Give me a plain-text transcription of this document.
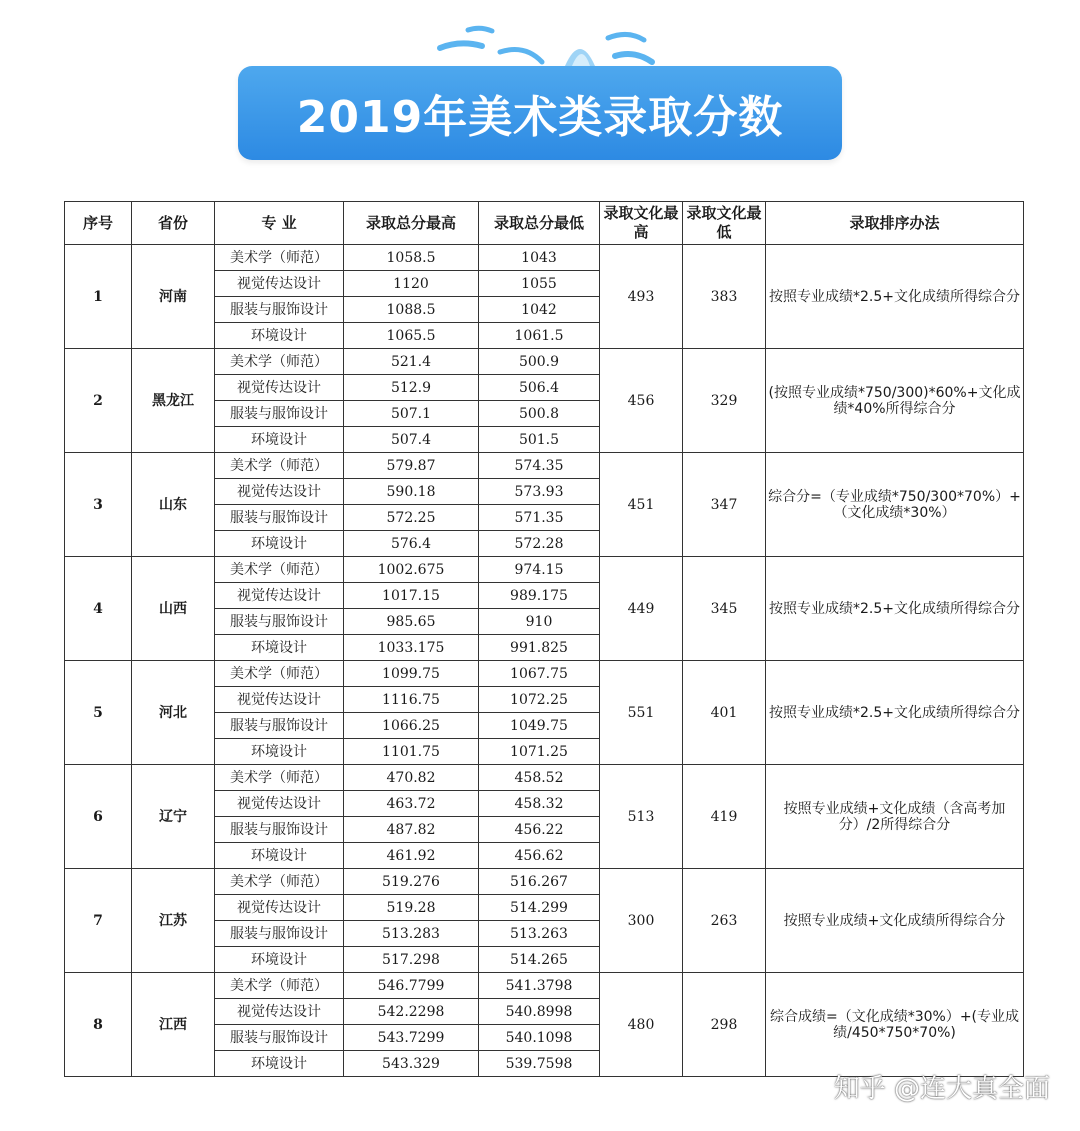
2019年美术类录取分数
序号	省份	专 业	录取总分最高	录取总分最低	录取文化最高	录取文化最低	录取排序办法
1	河南	美术学（师范）	1058.5	1043	493	383	按照专业成绩*2.5+文化成绩所得综合分
		视觉传达设计	1120	1055			
		服装与服饰设计	1088.5	1042			
		环境设计	1065.5	1061.5			
2	黑龙江	美术学（师范）	521.4	500.9	456	329	(按照专业成绩*750/300)*60%+文化成绩*40%所得综合分
		视觉传达设计	512.9	506.4			
		服装与服饰设计	507.1	500.8			
		环境设计	507.4	501.5			
3	山东	美术学（师范）	579.87	574.35	451	347	综合分=（专业成绩*750/300*70%）+（文化成绩*30%）
		视觉传达设计	590.18	573.93			
		服装与服饰设计	572.25	571.35			
		环境设计	576.4	572.28			
4	山西	美术学（师范）	1002.675	974.15	449	345	按照专业成绩*2.5+文化成绩所得综合分
		视觉传达设计	1017.15	989.175			
		服装与服饰设计	985.65	910			
		环境设计	1033.175	991.825			
5	河北	美术学（师范）	1099.75	1067.75	551	401	按照专业成绩*2.5+文化成绩所得综合分
		视觉传达设计	1116.75	1072.25			
		服装与服饰设计	1066.25	1049.75			
		环境设计	1101.75	1071.25			
6	辽宁	美术学（师范）	470.82	458.52	513	419	按照专业成绩+文化成绩（含高考加分）/2所得综合分
		视觉传达设计	463.72	458.32			
		服装与服饰设计	487.82	456.22			
		环境设计	461.92	456.62			
7	江苏	美术学（师范）	519.276	516.267	300	263	按照专业成绩+文化成绩所得综合分
		视觉传达设计	519.28	514.299			
		服装与服饰设计	513.283	513.263			
		环境设计	517.298	514.265			
8	江西	美术学（师范）	546.7799	541.3798	480	298	综合成绩=（文化成绩*30%）+(专业成绩/450*750*70%)
		视觉传达设计	542.2298	540.8998			
		服装与服饰设计	543.7299	540.1098			
		环境设计	543.329	539.7598			
知乎 @连大真全面
